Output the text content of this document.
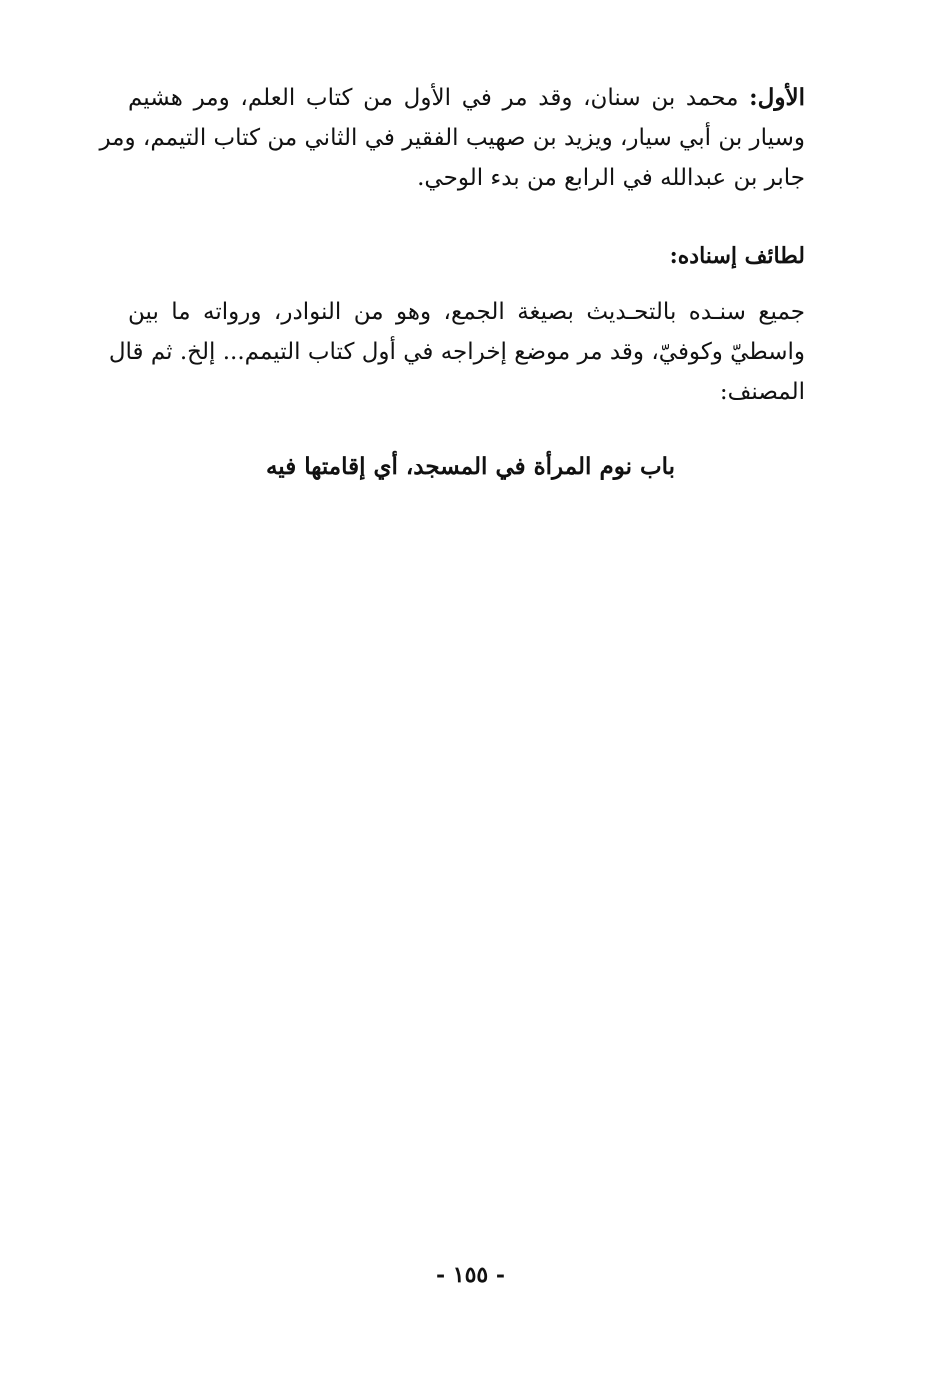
الأول: محمد بن سنان، وقد مر في الأول من كتاب العلم، ومر هشيم
وسيار بن أبي سيار، ويزيد بن صهيب الفقير في الثاني من كتاب التيمم، ومر
جابر بن عبدالله في الرابع من بدء الوحي.
لطائف إسناده:
جميع سنـده بالتحـديث بصيغة الجمع، وهو من النوادر، ورواته ما بين
واسطيّ وكوفيّ، وقد مر موضع إخراجه في أول كتاب التيمم... إلخ. ثم قال
المصنف:
باب نوم المرأة في المسجد، أي إقامتها فيه
- ١٥٥ -
